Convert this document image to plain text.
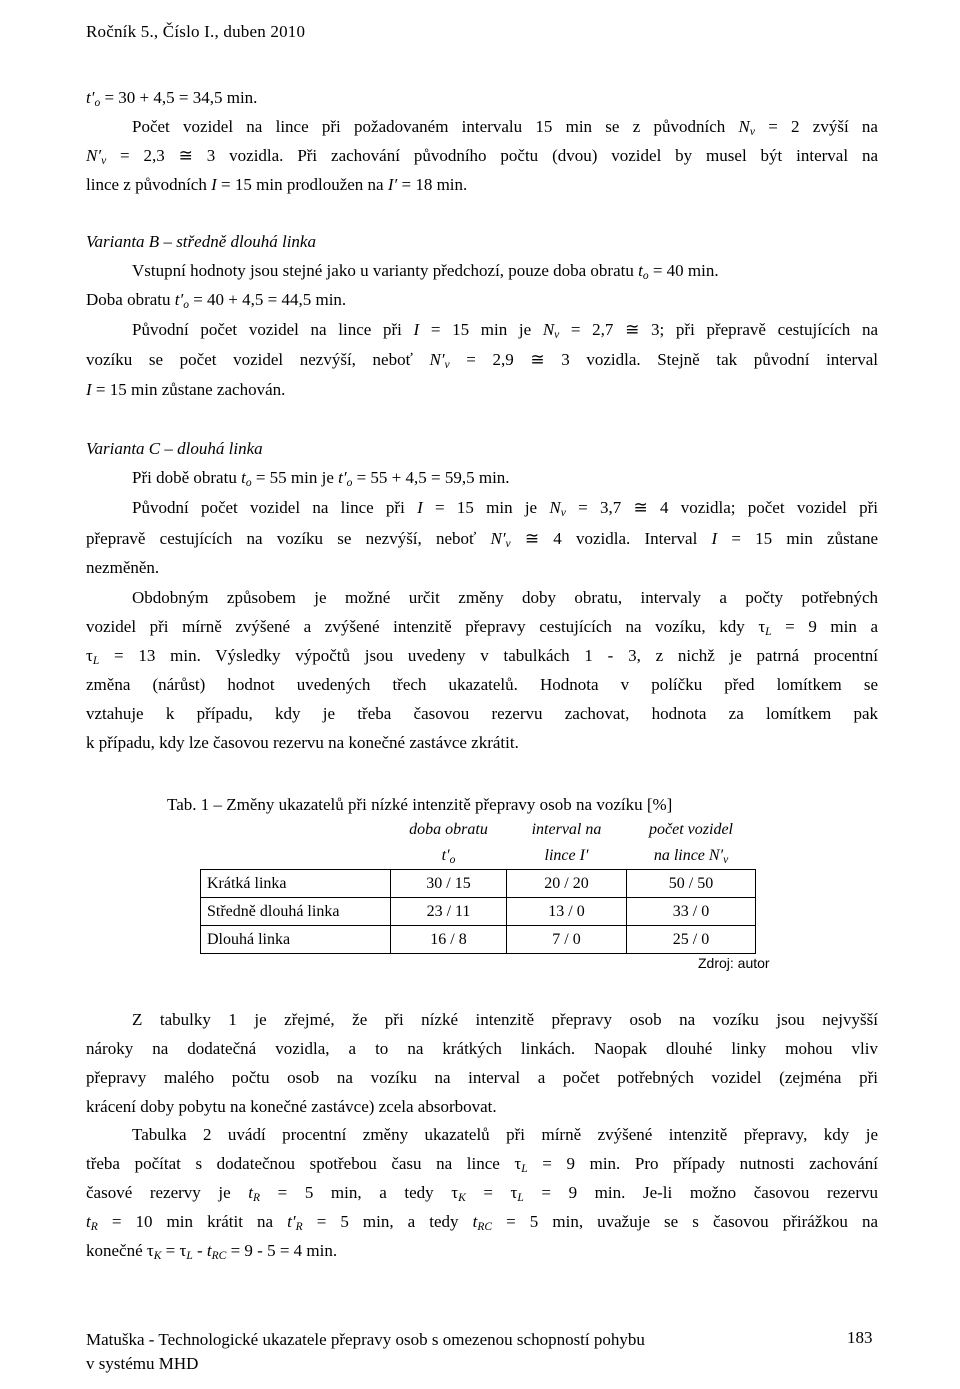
Ročník 5., Číslo I., duben 2010
$t'_o = 30 + 4,5 = 34,5$ min.
Počet vozidel na lince při požadovaném intervalu 15 min se z původních $N_v = 2$ zvýší na
$N'_v = 2,3$ ≅ 3 vozidla. Při zachování původního počtu (dvou) vozidel by musel být interval na
lince z původních I = 15 min prodloužen na I′ = 18 min.
Varianta B – středně dlouhá linka
Vstupní hodnoty jsou stejné jako u varianty předchozí, pouze doba obratu $t_o = 40$ min.
Doba obratu $t'_o = 40 + 4,5 = 44,5$ min.
Původní počet vozidel na lince při I = 15 min je $N_v = 2,7$ ≅ 3; při přepravě cestujících na
vozíku se počet vozidel nezvýší, neboť $N'_v = 2,9$ ≅ 3 vozidla. Stejně tak původní interval
I = 15 min zůstane zachován.
Varianta C – dlouhá linka
Při době obratu $t_o = 55$ min je $t'_o = 55 + 4,5 = 59,5$ min.
Původní počet vozidel na lince při I = 15 min je $N_v = 3,7$ ≅ 4 vozidla; počet vozidel při
přepravě cestujících na vozíku se nezvýší, neboť $N'_v$ ≅ 4 vozidla. Interval I = 15 min zůstane
nezměněn.
Obdobným způsobem je možné určit změny doby obratu, intervaly a počty potřebných
vozidel při mírně zvýšené a zvýšené intenzitě přepravy cestujících na vozíku, kdy $\tau_L = 9$ min a
$\tau_L = 13$ min. Výsledky výpočtů jsou uvedeny v tabulkách 1 - 3, z nichž je patrná procentní
změna (nárůst) hodnot uvedených třech ukazatelů. Hodnota v políčku před lomítkem se
vztahuje k případu, kdy je třeba časovou rezervu zachovat, hodnota za lomítkem pak
k případu, kdy lze časovou rezervu na konečné zastávce zkrátit.
Tab. 1 – Změny ukazatelů při nízké intenzitě přepravy osob na vozíku [%]
	doba obratu	interval na	počet vozidel
	$t'_o$	lince I′	na lince $N'_v$
Krátká linka	30 / 15	20 / 20	50 / 50
Středně dlouhá linka	23 / 11	13 / 0	33 / 0
Dlouhá linka	16 / 8	7 / 0	25 / 0
Zdroj: autor
Z tabulky 1 je zřejmé, že při nízké intenzitě přepravy osob na vozíku jsou nejvyšší
nároky na dodatečná vozidla, a to na krátkých linkách. Naopak dlouhé linky mohou vliv
přepravy malého počtu osob na vozíku na interval a počet potřebných vozidel (zejména při
krácení doby pobytu na konečné zastávce) zcela absorbovat.
Tabulka 2 uvádí procentní změny ukazatelů při mírně zvýšené intenzitě přepravy, kdy je
třeba počítat s dodatečnou spotřebou času na lince $\tau_L = 9$ min. Pro případy nutnosti zachování
časové rezervy je $t_R = 5$ min, a tedy $\tau_K = \tau_L = 9$ min. Je-li možno časovou rezervu
$t_R = 10$ min krátit na $t'_R = 5$ min, a tedy $t_{RC} = 5$ min, uvažuje se s časovou přirážkou na
konečné $\tau_K = \tau_L - t_{RC} = 9 - 5 = 4$ min.
Matuška - Technologické ukazatele přepravy osob s omezenou schopností pohybu
v systému MHD
183
